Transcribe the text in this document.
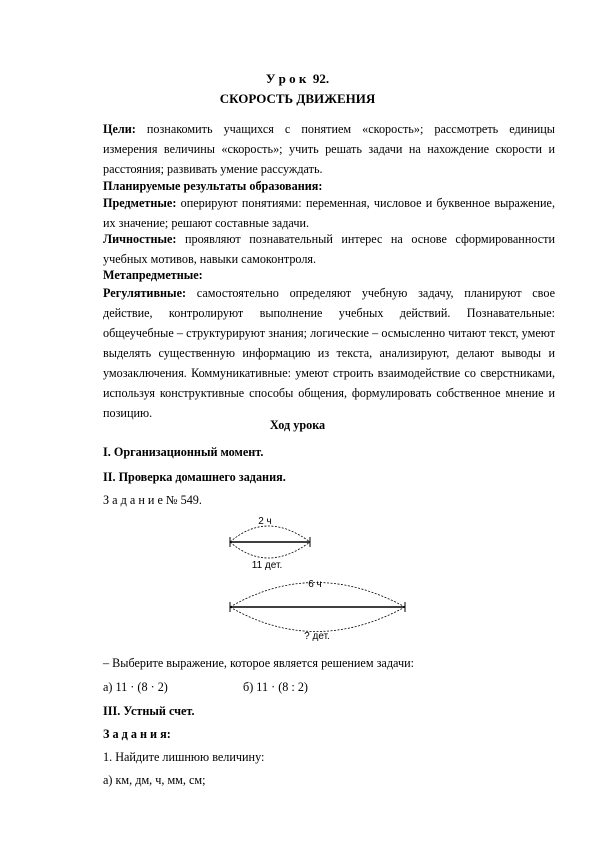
У р о к  92.
СКОРОСТЬ ДВИЖЕНИЯ
Цели: познакомить учащихся с понятием «скорость»; рассмотреть единицы измерения величины «скорость»; учить решать задачи на нахождение скорости и расстояния; развивать умение рассуждать.
Планируемые результаты образования:
Предметные: оперируют понятиями: переменная, числовое и буквенное выражение, их значение; решают составные задачи.
Личностные: проявляют познавательный интерес на основе сформированности учебных мотивов, навыки самоконтроля.
Метапредметные:
Регулятивные: самостоятельно определяют учебную задачу, планируют свое действие, контролируют выполнение учебных действий. Познавательные: общеучебные – структурируют знания; логические – осмысленно читают текст, умеют выделять существенную информацию из текста, анализируют, делают выводы и умозаключения. Коммуникативные: умеют строить взаимодействие со сверстниками, используя конструктивные способы общения, формулировать собственное мнение и позицию.
Ход урока
I. Организационный момент.
II. Проверка домашнего задания.
З а д а н и е № 549.
2 ч
11 дет.
6 ч
? дет.
– Выберите выражение, которое является решением задачи:
а) 11 · (8 · 2)	б) 11 · (8 : 2)
III. Устный счет.
З а д а н и я:
1. Найдите лишнюю величину:
а) км, дм, ч, мм, см;
